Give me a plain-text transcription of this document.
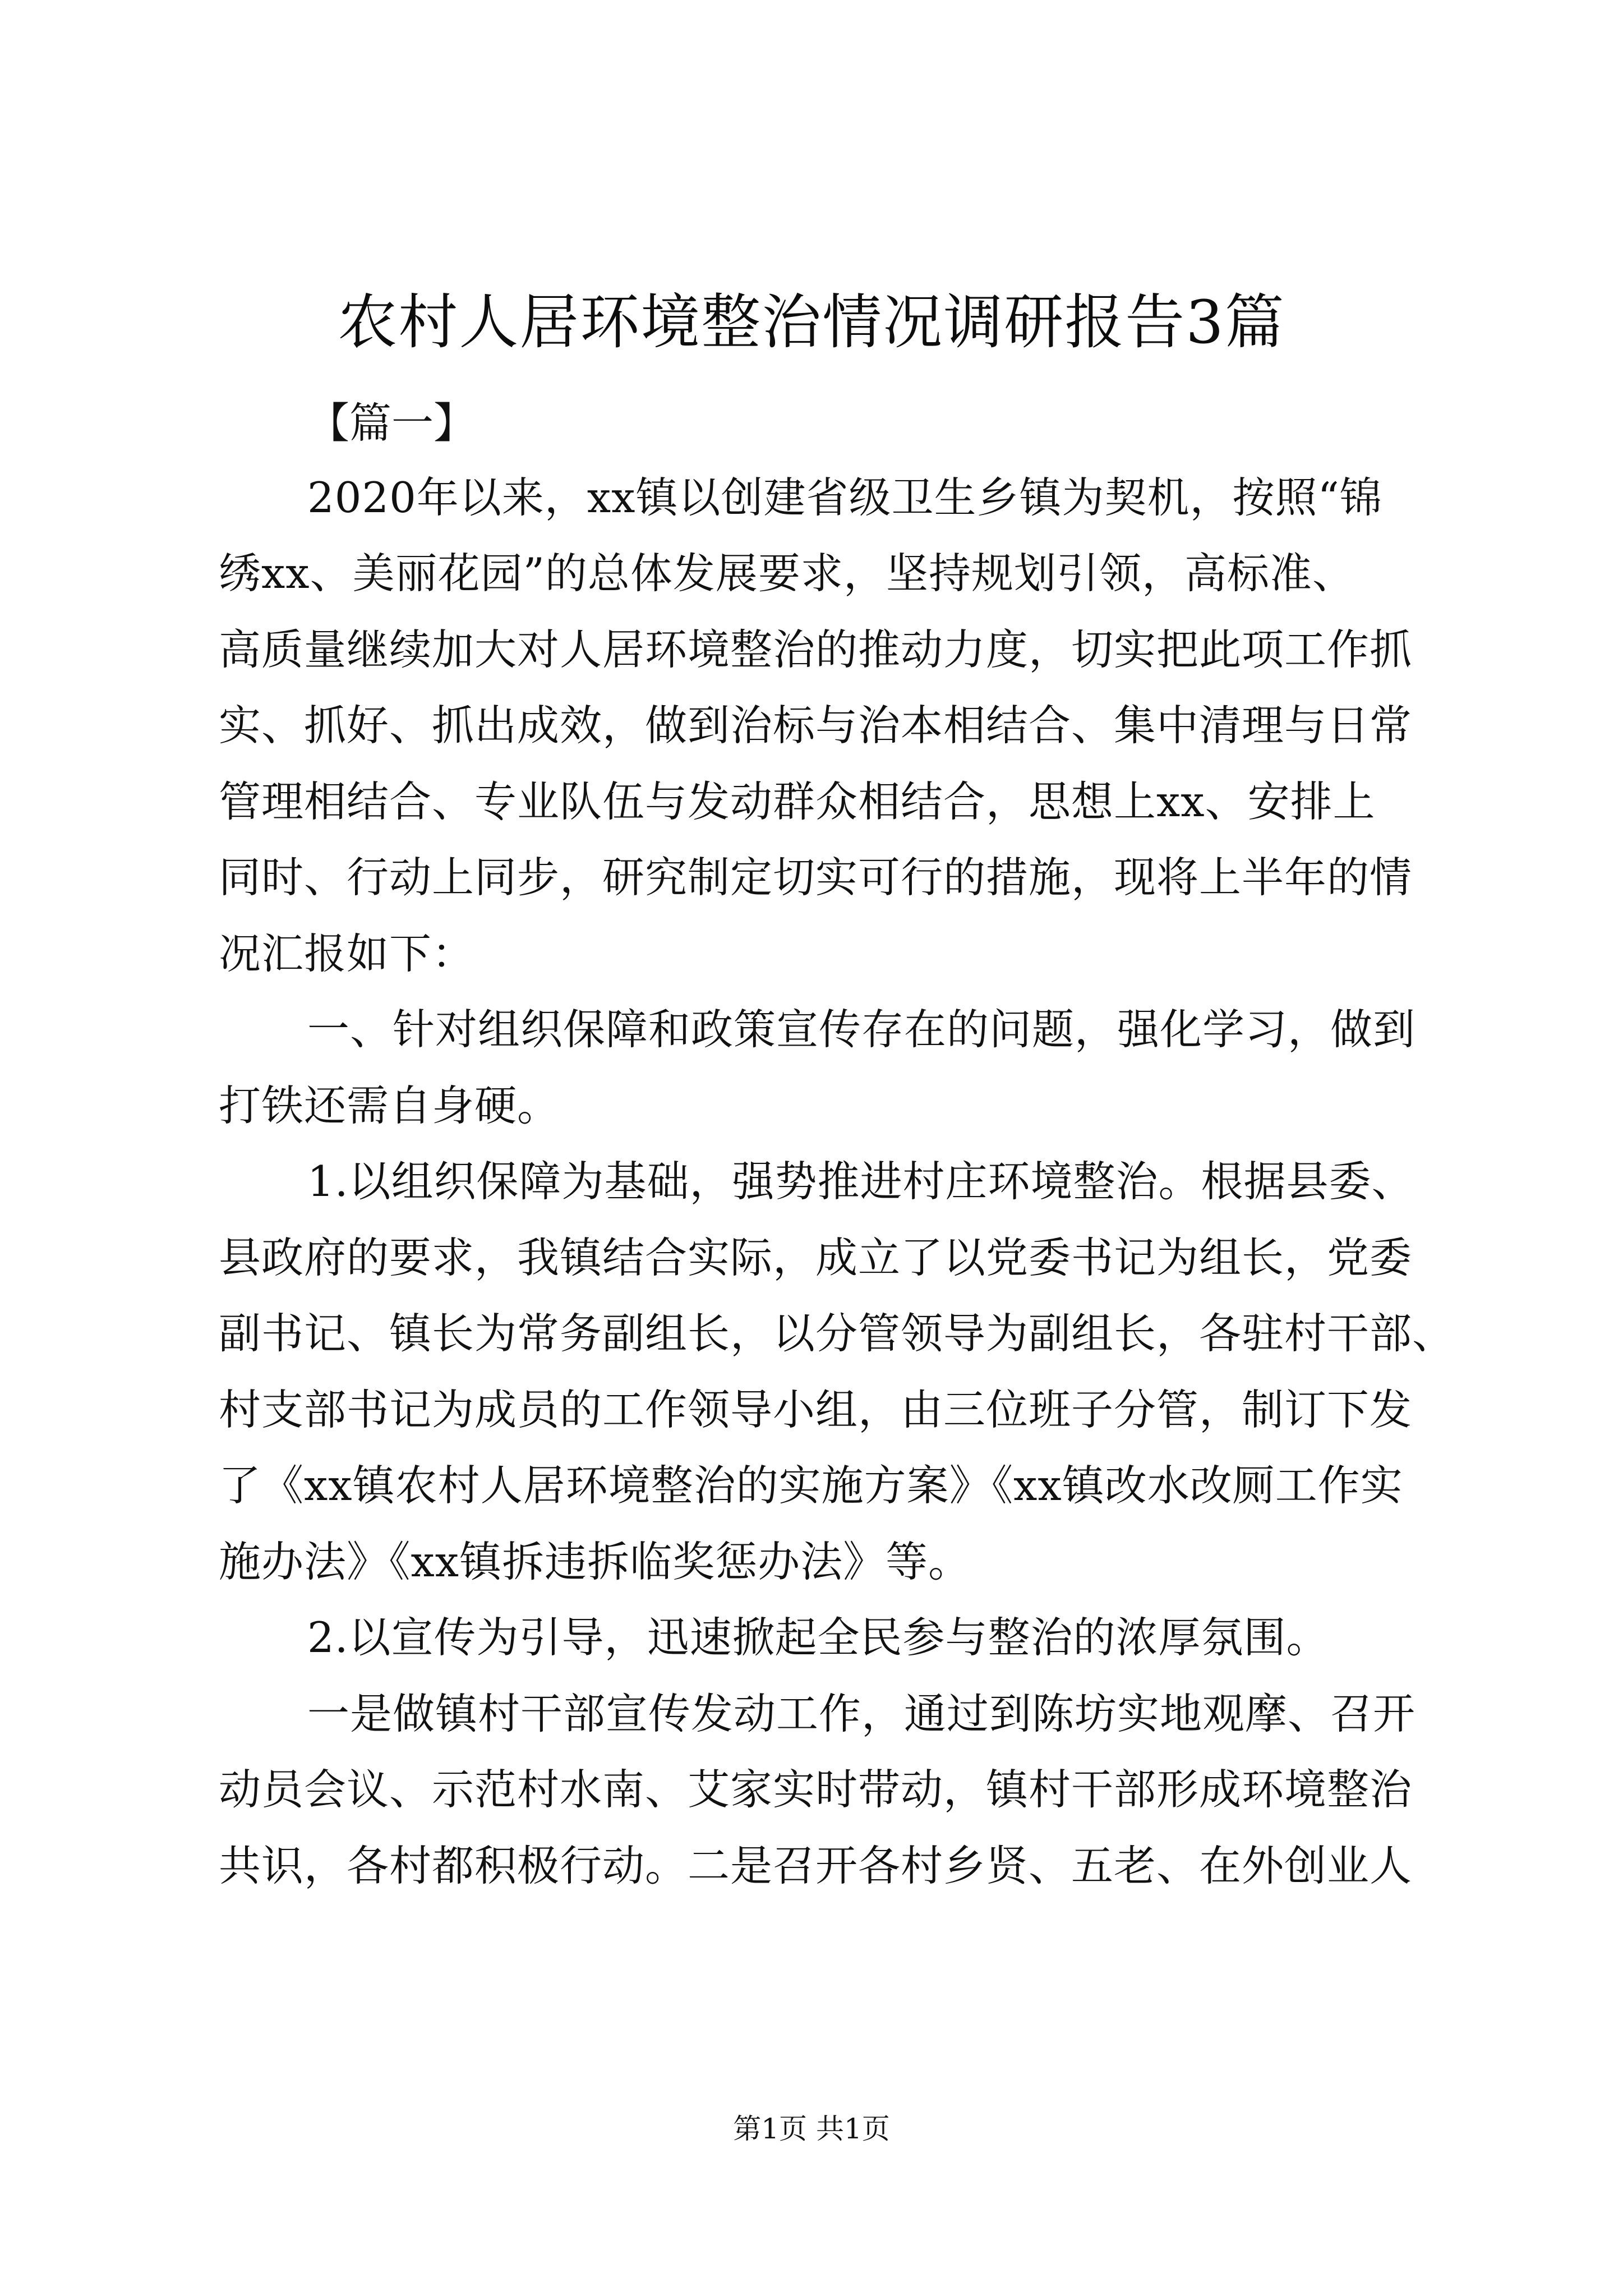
农村人居环境整治情况调研报告3篇
【篇一】
2020年以来，xx镇以创建省级卫生乡镇为契机，按照“锦
绣xx、美丽花园”的总体发展要求，坚持规划引领，高标准、
高质量继续加大对人居环境整治的推动力度，切实把此项工作抓
实、抓好、抓出成效，做到治标与治本相结合、集中清理与日常
管理相结合、专业队伍与发动群众相结合，思想上xx、安排上
同时、行动上同步，研究制定切实可行的措施，现将上半年的情
况汇报如下：
一、针对组织保障和政策宣传存在的问题，强化学习，做到
打铁还需自身硬。
1.以组织保障为基础，强势推进村庄环境整治。根据县委、
县政府的要求，我镇结合实际，成立了以党委书记为组长，党委
副书记、镇长为常务副组长，以分管领导为副组长，各驻村干部、
村支部书记为成员的工作领导小组，由三位班子分管，制订下发
了《xx镇农村人居环境整治的实施方案》《xx镇改水改厕工作实
施办法》《xx镇拆违拆临奖惩办法》等。
2.以宣传为引导，迅速掀起全民参与整治的浓厚氛围。
一是做镇村干部宣传发动工作，通过到陈坊实地观摩、召开
动员会议、示范村水南、艾家实时带动，镇村干部形成环境整治
共识，各村都积极行动。二是召开各村乡贤、五老、在外创业人
第1页 共1页
